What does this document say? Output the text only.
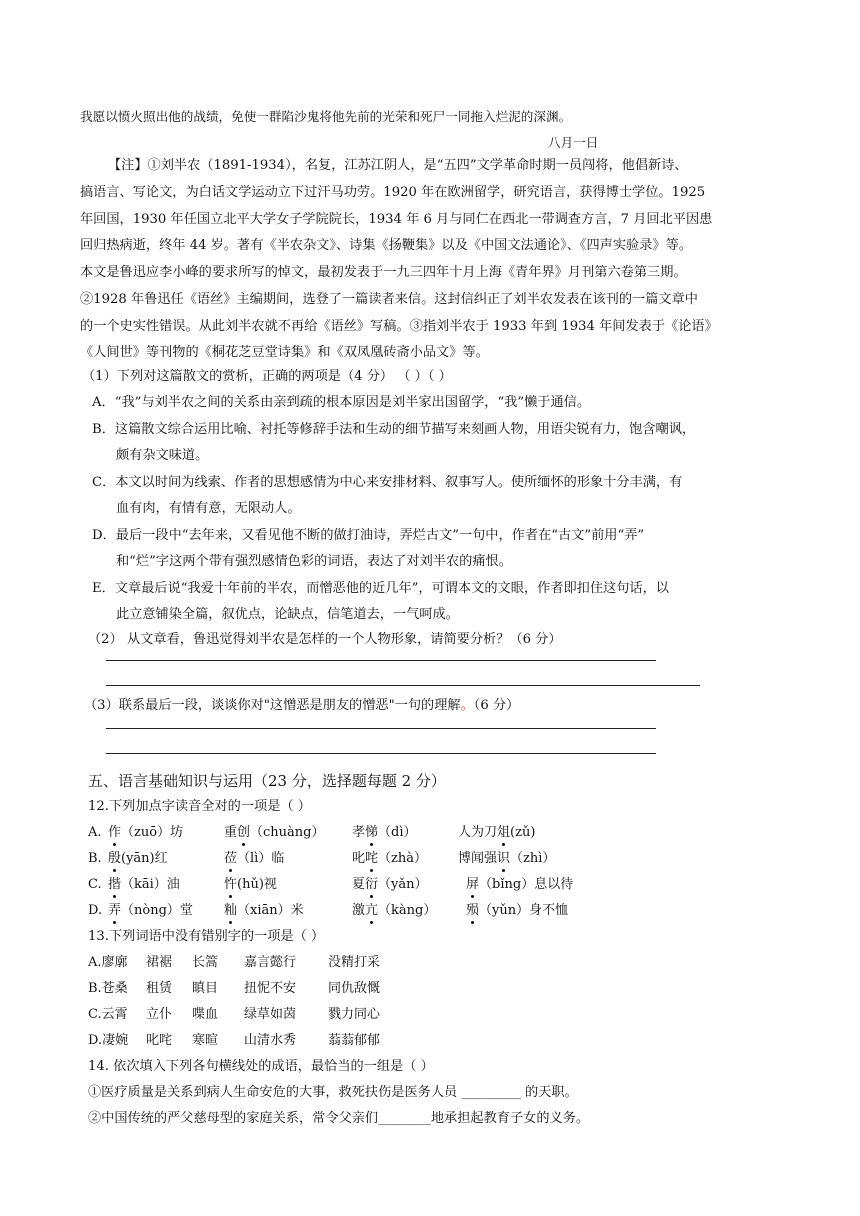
我愿以愤火照出他的战绩，免使一群陷沙鬼将他先前的光荣和死尸一同拖入烂泥的深渊。
八月一日
【注】①刘半农（1891-1934），名复，江苏江阴人，是“五四”文学革命时期一员闯将，他倡新诗、
搞语言、写论文，为白话文学运动立下过汗马功劳。1920 年在欧洲留学，研究语言，获得博士学位。1925
年回国，1930 年任国立北平大学女子学院院长，1934 年 6 月与同仁在西北一带调查方言，7 月回北平因患
回归热病逝，终年 44 岁。著有《半农杂文》、诗集《扬鞭集》以及《中国文法通论》、《四声实验录》等。
本文是鲁迅应李小峰的要求所写的悼文，最初发表于一九三四年十月上海《青年界》月刊第六卷第三期。
②1928 年鲁迅任《语丝》主编期间，选登了一篇读者来信。这封信纠正了刘半农发表在该刊的一篇文章中
的一个史实性错误。从此刘半农就不再给《语丝》写稿。③指刘半农于 1933 年到 1934 年间发表于《论语》
《人间世》等刊物的《桐花芝豆堂诗集》和《双凤凰砖斋小品文》等。
（1）下列对这篇散文的赏析，正确的两项是（4 分） （ ）（ ）
A．“我”与刘半农之间的关系由亲到疏的根本原因是刘半家出国留学，“我”懒于通信。
B．这篇散文综合运用比喻、衬托等修辞手法和生动的细节描写来刻画人物，用语尖锐有力，饱含嘲讽，
颇有杂文味道。
C．本文以时间为线索、作者的思想感情为中心来安排材料、叙事写人。使所缅怀的形象十分丰满，有
血有肉，有情有意，无限动人。
D．最后一段中“去年来，又看见他不断的做打油诗，弄烂古文”一句中，作者在“古文”前用“弄”
和“烂”字这两个带有强烈感情色彩的词语，表达了对刘半农的痛恨。
E．文章最后说“我爱十年前的半农，而憎恶他的近几年”，可谓本文的文眼，作者即扣住这句话，以
此立意铺染全篇，叙优点，论缺点，信笔道去，一气呵成。
（2） 从文章看，鲁迅觉得刘半农是怎样的一个人物形象，请简要分析？（6 分）
（3）联系最后一段，谈谈你对"这憎恶是朋友的憎恶"一句的理解。（6 分）
五、语言基础知识与运用（23 分，选择题每题 2 分）
12.下列加点字读音全对的一项是（ ）
A. 作（zuō）坊	重创（chuàng） 孝悌（dì）	人为刀俎(zǔ)
B. 殷(yān)红	莅（lì）临	叱咤（zhà） 博闻强识（zhì）
C. 揩（kāi）油	忤(hǔ)视	夏衍（yǎn）	屏（bǐng）息以待
D. 弄（nòng）堂 籼（xiān）米	激亢（kàng） 殒（yǔn）身不恤
13.下列词语中没有错别字的一项是（ ）
A.廖廓 裙裾 长篙 嘉言懿行 没精打采
B.苍桑 租赁 瞋目 扭怩不安 同仇敌慨
C.云霄 立仆 喋血 绿草如茵 戮力同心
D.凄婉 叱咤 寒暄 山清水秀 蓊蓊郁郁
14. 依次填入下列各句横线处的成语，最恰当的一组是（ ）
①医疗质量是关系到病人生命安危的大事，救死扶伤是医务人员 _________ 的天职。
②中国传统的严父慈母型的家庭关系，常令父亲们________地承担起教育子女的义务。
